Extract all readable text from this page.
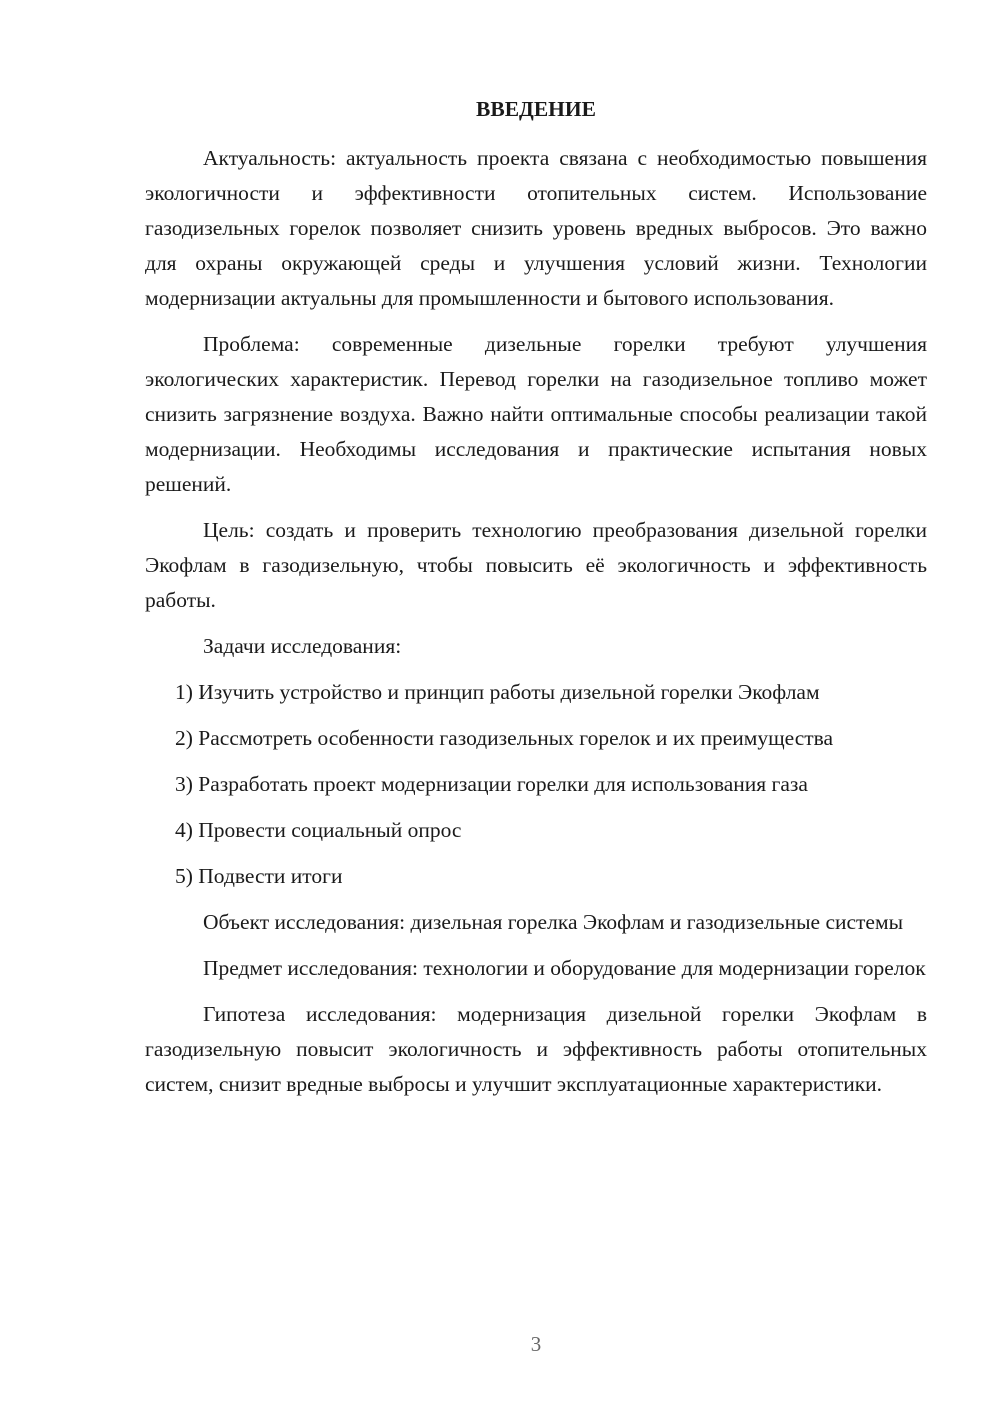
ВВЕДЕНИЕ

Актуальность: актуальность проекта связана с необходимостью повышения экологичности и эффективности отопительных систем. Использование газодизельных горелок позволяет снизить уровень вредных выбросов. Это важно для охраны окружающей среды и улучшения условий жизни. Технологии модернизации актуальны для промышленности и бытового использования.

Проблема: современные дизельные горелки требуют улучшения экологических характеристик. Перевод горелки на газодизельное топливо может снизить загрязнение воздуха. Важно найти оптимальные способы реализации такой модернизации. Необходимы исследования и практические испытания новых решений.

Цель: создать и проверить технологию преобразования дизельной горелки Экофлам в газодизельную, чтобы повысить её экологичность и эффективность работы.

Задачи исследования:

1) Изучить устройство и принцип работы дизельной горелки Экофлам

2) Рассмотреть особенности газодизельных горелок и их преимущества

3) Разработать проект модернизации горелки для использования газа

4) Провести социальный опрос

5) Подвести итоги

Объект исследования: дизельная горелка Экофлам и газодизельные системы

Предмет исследования: технологии и оборудование для модернизации горелок

Гипотеза исследования: модернизация дизельной горелки Экофлам в газодизельную повысит экологичность и эффективность работы отопительных систем, снизит вредные выбросы и улучшит эксплуатационные характеристики.

3
